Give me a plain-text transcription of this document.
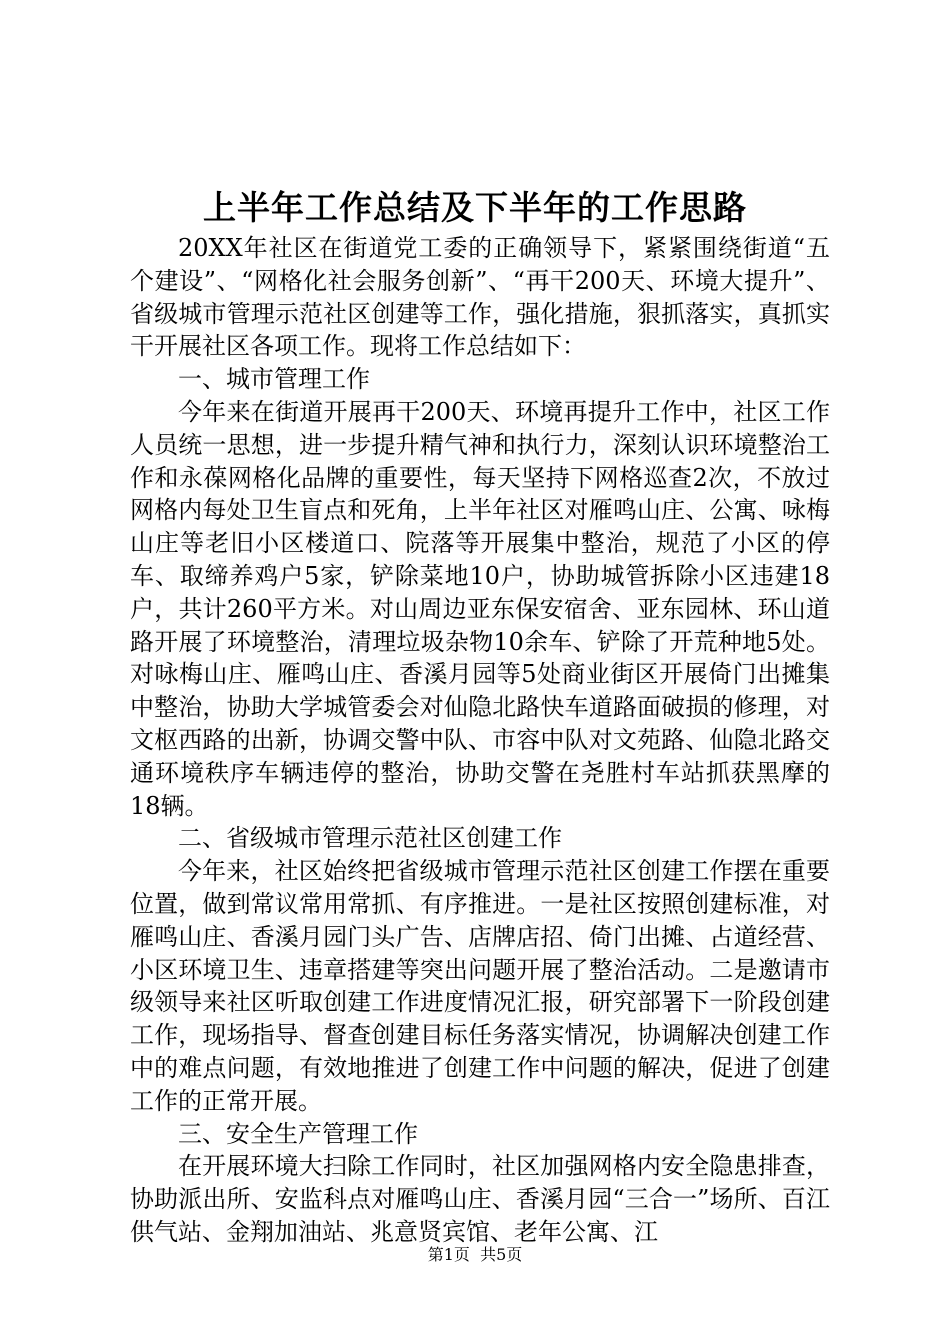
上半年工作总结及下半年的工作思路

20XX年社区在街道党工委的正确领导下，紧紧围绕街道“五个建设”、“网格化社会服务创新”、“再干200天、环境大提升”、省级城市管理示范社区创建等工作，强化措施，狠抓落实，真抓实干开展社区各项工作。现将工作总结如下：

一、城市管理工作

今年来在街道开展再干200天、环境再提升工作中，社区工作人员统一思想，进一步提升精气神和执行力，深刻认识环境整治工作和永葆网格化品牌的重要性，每天坚持下网格巡查2次，不放过网格内每处卫生盲点和死角，上半年社区对雁鸣山庄、公寓、咏梅山庄等老旧小区楼道口、院落等开展集中整治，规范了小区的停车、取缔养鸡户5家，铲除菜地10户，协助城管拆除小区违建18户，共计260平方米。对山周边亚东保安宿舍、亚东园林、环山道路开展了环境整治，清理垃圾杂物10余车、铲除了开荒种地5处。对咏梅山庄、雁鸣山庄、香溪月园等5处商业街区开展倚门出摊集中整治，协助大学城管委会对仙隐北路快车道路面破损的修理，对文枢西路的出新，协调交警中队、市容中队对文苑路、仙隐北路交通环境秩序车辆违停的整治，协助交警在尧胜村车站抓获黑摩的18辆。

二、省级城市管理示范社区创建工作

今年来，社区始终把省级城市管理示范社区创建工作摆在重要位置，做到常议常用常抓、有序推进。一是社区按照创建标准，对雁鸣山庄、香溪月园门头广告、店牌店招、倚门出摊、占道经营、小区环境卫生、违章搭建等突出问题开展了整治活动。二是邀请市级领导来社区听取创建工作进度情况汇报，研究部署下一阶段创建工作，现场指导、督查创建目标任务落实情况，协调解决创建工作中的难点问题，有效地推进了创建工作中问题的解决，促进了创建工作的正常开展。

三、安全生产管理工作

在开展环境大扫除工作同时，社区加强网格内安全隐患排查，协助派出所、安监科点对雁鸣山庄、香溪月园“三合一”场所、百江供气站、金翔加油站、兆意贤宾馆、老年公寓、江

第1页  共5页
